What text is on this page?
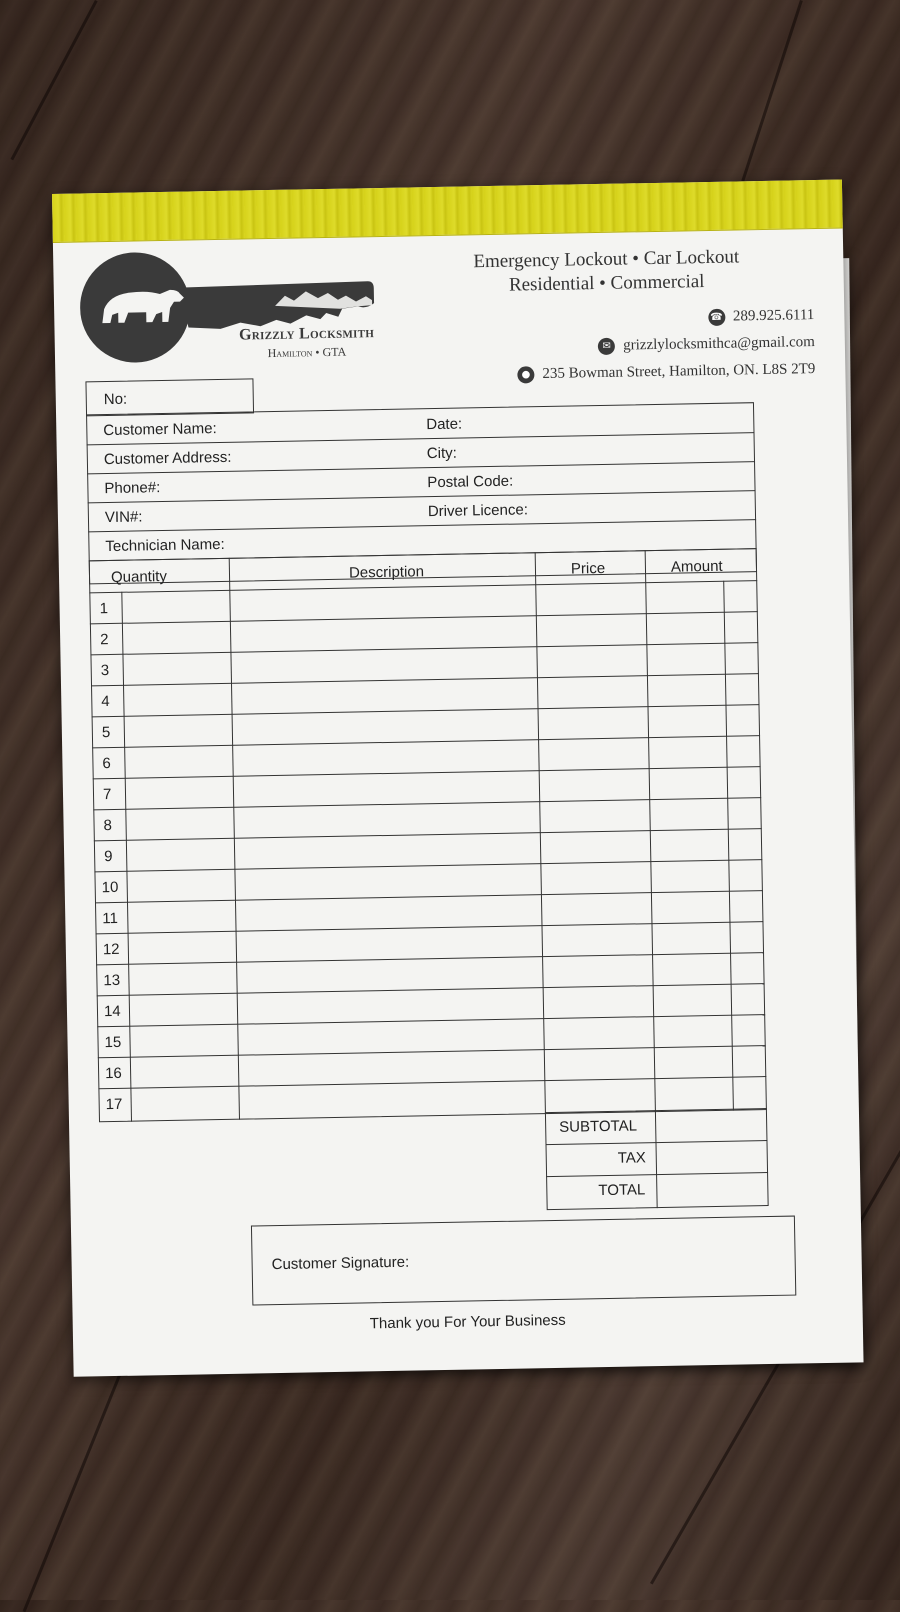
Grizzly Locksmith
Hamilton • GTA
Emergency Lockout • Car Lockout
Residential • Commercial
☎ 289.925.6111
✉ grizzlylocksmithca@gmail.com
● 235 Bowman Street, Hamilton, ON. L8S 2T9
No:
Customer Name:	Date:
Customer Address:	City:
Phone#:	Postal Code:
VIN#:	Driver Licence:
Technician Name:
Quantity	Description	Price	Amount
1
2
3
4
5
6
7
8
9
10
11
12
13
14
15
16
17
SUBTOTAL
TAX
TOTAL
Customer Signature:
Thank you For Your Business
